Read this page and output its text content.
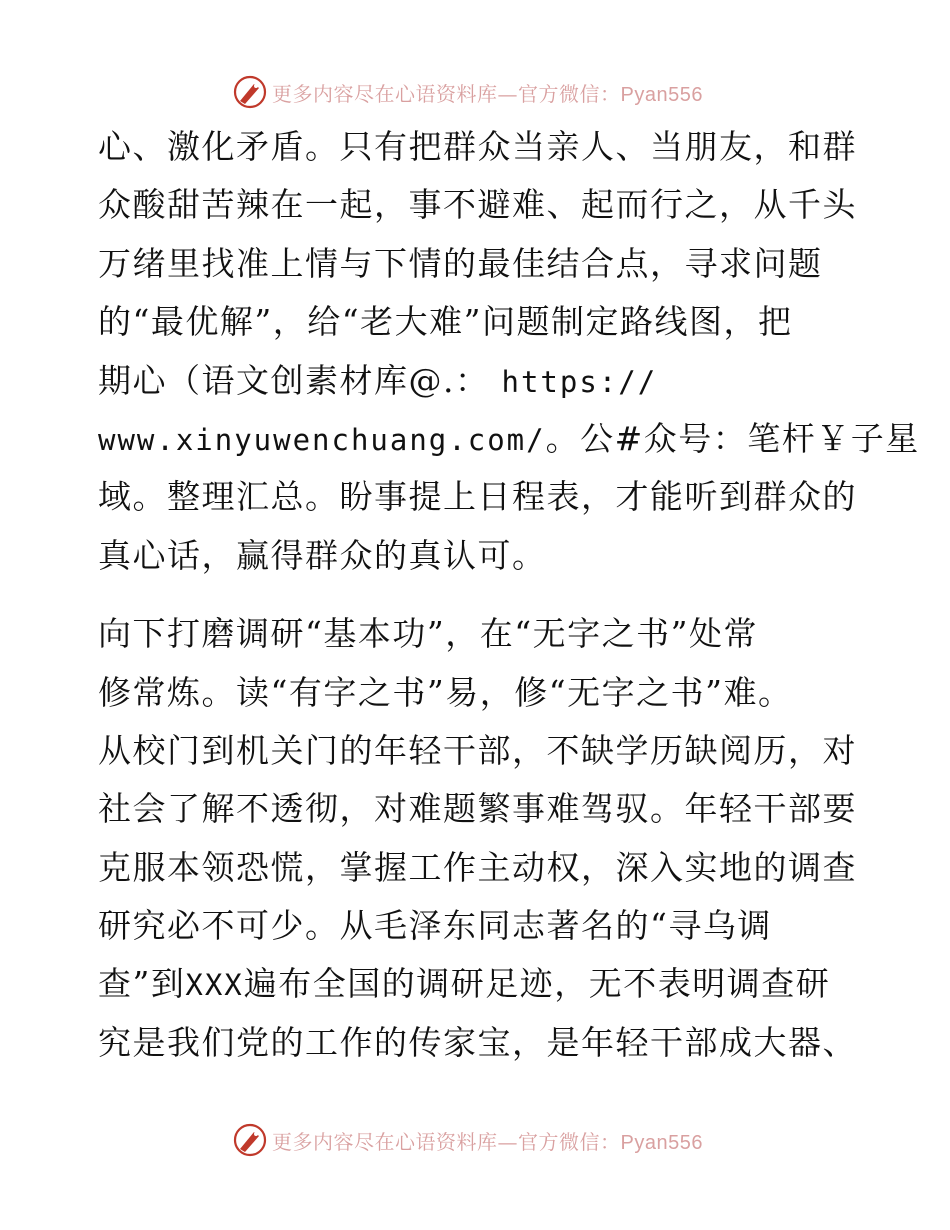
更多内容尽在心语资料库—官方微信：Pyan556
心、激化矛盾。只有把群众当亲人、当朋友，和群
众酸甜苦辣在一起，事不避难、起而行之，从千头
万绪里找准上情与下情的最佳结合点，寻求问题
的“最优解”，给“老大难”问题制定路线图，把
期心（语文创素材库@.： https://
www.xinyuwenchuang.com/。公#众号：笔杆￥子星
域。整理汇总。盼事提上日程表，才能听到群众的
真心话，赢得群众的真认可。
向下打磨调研“基本功”，在“无字之书”处常
修常炼。读“有字之书”易，修“无字之书”难。
从校门到机关门的年轻干部，不缺学历缺阅历，对
社会了解不透彻，对难题繁事难驾驭。年轻干部要
克服本领恐慌，掌握工作主动权，深入实地的调查
研究必不可少。从毛泽东同志著名的“寻乌调
查”到XXX遍布全国的调研足迹，无不表明调查研
究是我们党的工作的传家宝，是年轻干部成大器、
更多内容尽在心语资料库—官方微信：Pyan556
